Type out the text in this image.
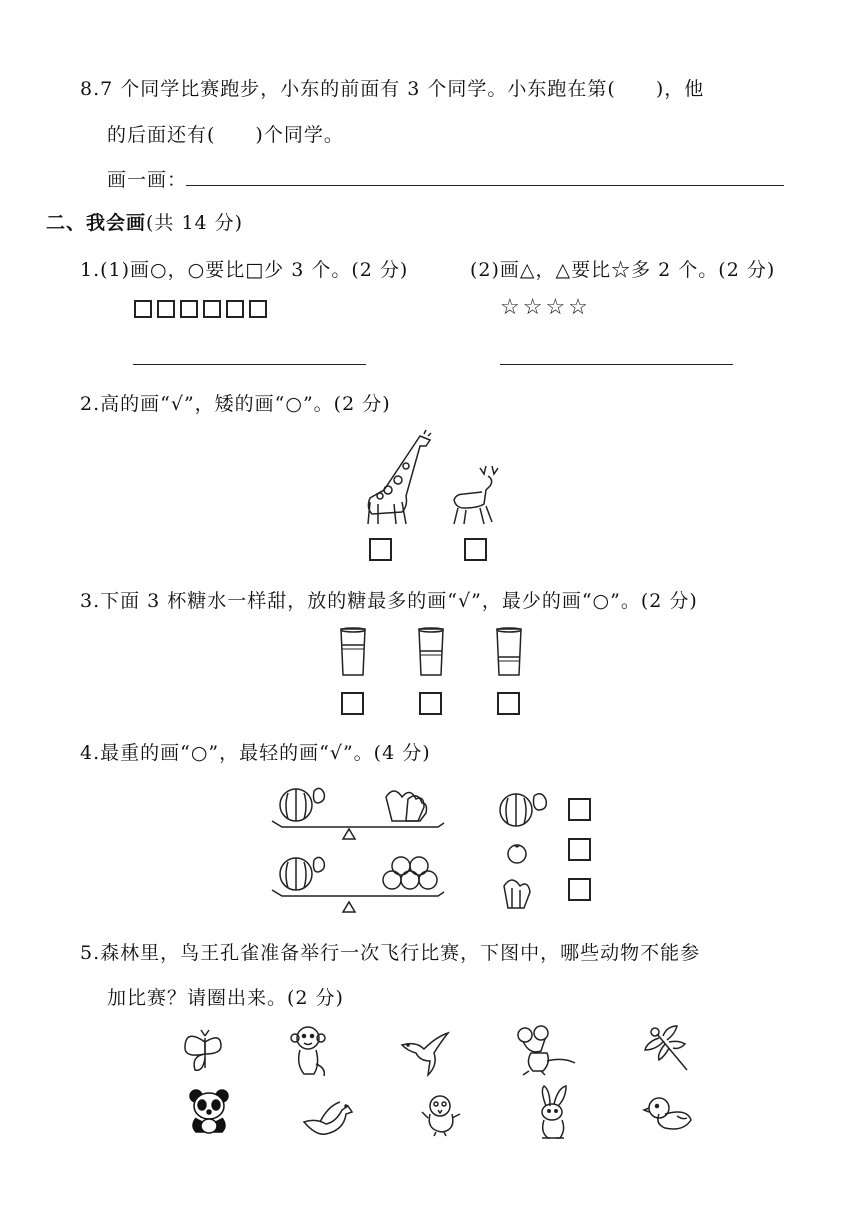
8.7 个同学比赛跑步，小东的前面有 3 个同学。小东跑在第(　　)，他
的后面还有(　　)个同学。
画一画：
二、我会画(共 14 分)
1.(1)画○，○要比□少 3 个。(2 分)	(2)画△，△要比☆多 2 个。(2 分)
☆☆☆☆
2.高的画“√”，矮的画“○”。(2 分)
3.下面 3 杯糖水一样甜，放的糖最多的画“√”，最少的画“○”。(2 分)
4.最重的画“○”，最轻的画“√”。(4 分)
5.森林里，鸟王孔雀准备举行一次飞行比赛，下图中，哪些动物不能参
加比赛？请圈出来。(2 分)
